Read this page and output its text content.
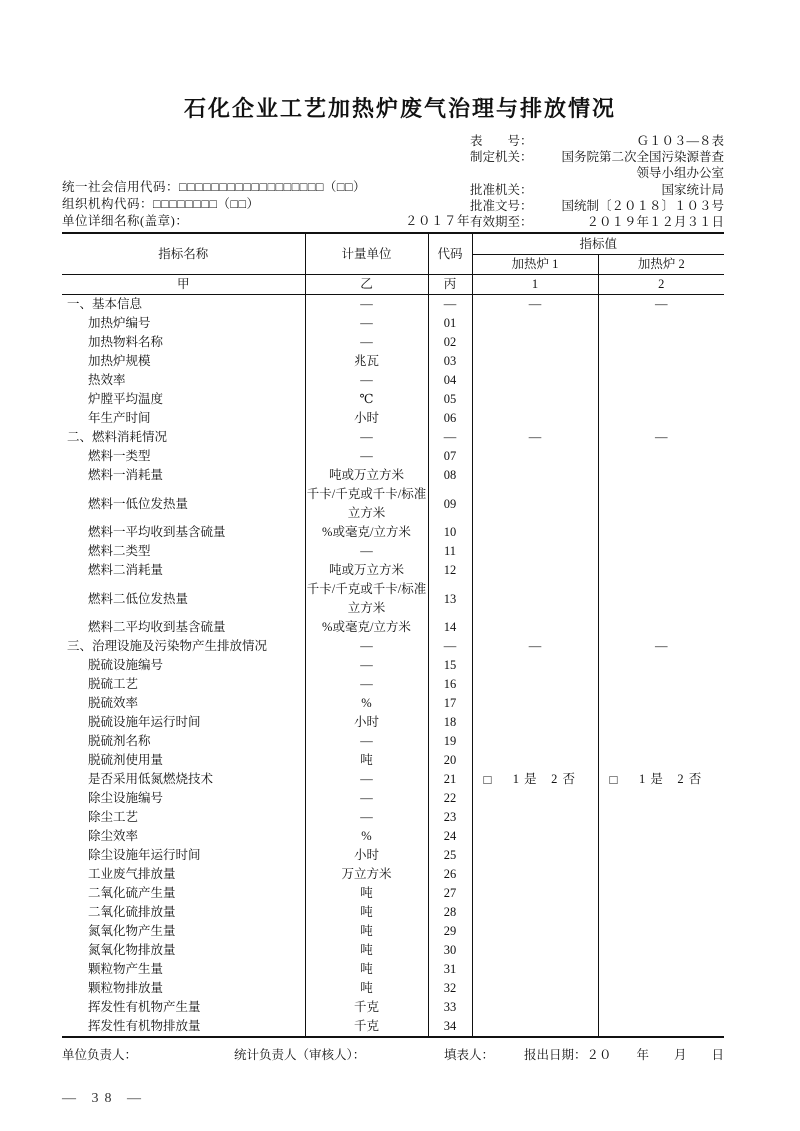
石化企业工艺加热炉废气治理与排放情况
统一社会信用代码：□□□□□□□□□□□□□□□□□□（□□）
组织机构代码：□□□□□□□□（□□）
单位详细名称(盖章)：	２０１７年
表　　号：	Ｇ１０３—８表
制定机关：	国务院第二次全国污染源普查
领导小组办公室
批准机关：	国家统计局
批准文号：	国统制〔２０１８〕１０３号
有效期至：	２０１９年１２月３１日
指标名称	计量单位	代码	指标值	
			加热炉 1	加热炉 2
甲	乙	丙	1	2
一、基本信息	—	—	—	—
加热炉编号	—	01		
加热物料名称	—	02		
加热炉规模	兆瓦	03		
热效率	—	04		
炉膛平均温度	℃	05		
年生产时间	小时	06		
二、燃料消耗情况	—	—	—	—
燃料一类型	—	07		
燃料一消耗量	吨或万立方米	08		
燃料一低位发热量	千卡/千克或千卡/标准立方米	09		
燃料一平均收到基含硫量	%或毫克/立方米	10		
燃料二类型	—	11		
燃料二消耗量	吨或万立方米	12		
燃料二低位发热量	千卡/千克或千卡/标准立方米	13		
燃料二平均收到基含硫量	%或毫克/立方米	14		
三、治理设施及污染物产生排放情况	—	—	—	—
脱硫设施编号	—	15		
脱硫工艺	—	16		
脱硫效率	%	17		
脱硫设施年运行时间	小时	18		
脱硫剂名称	—	19		
脱硫剂使用量	吨	20		
是否采用低氮燃烧技术	—	21	□ 1 是　2 否	□ 1 是　2 否

除尘设施编号	—	22		
除尘工艺	—	23		
除尘效率	%	24		
除尘设施年运行时间	小时	25		
工业废气排放量	万立方米	26		
二氧化硫产生量	吨	27		
二氧化硫排放量	吨	28		
氮氧化物产生量	吨	29		
氮氧化物排放量	吨	30		
颗粒物产生量	吨	31		
颗粒物排放量	吨	32		
挥发性有机物产生量	千克	33		
挥发性有机物排放量	千克	34		
单位负责人：	统计负责人（审核人）：	填表人：	报出日期：２０　　年　　月　　日
— 38 —
